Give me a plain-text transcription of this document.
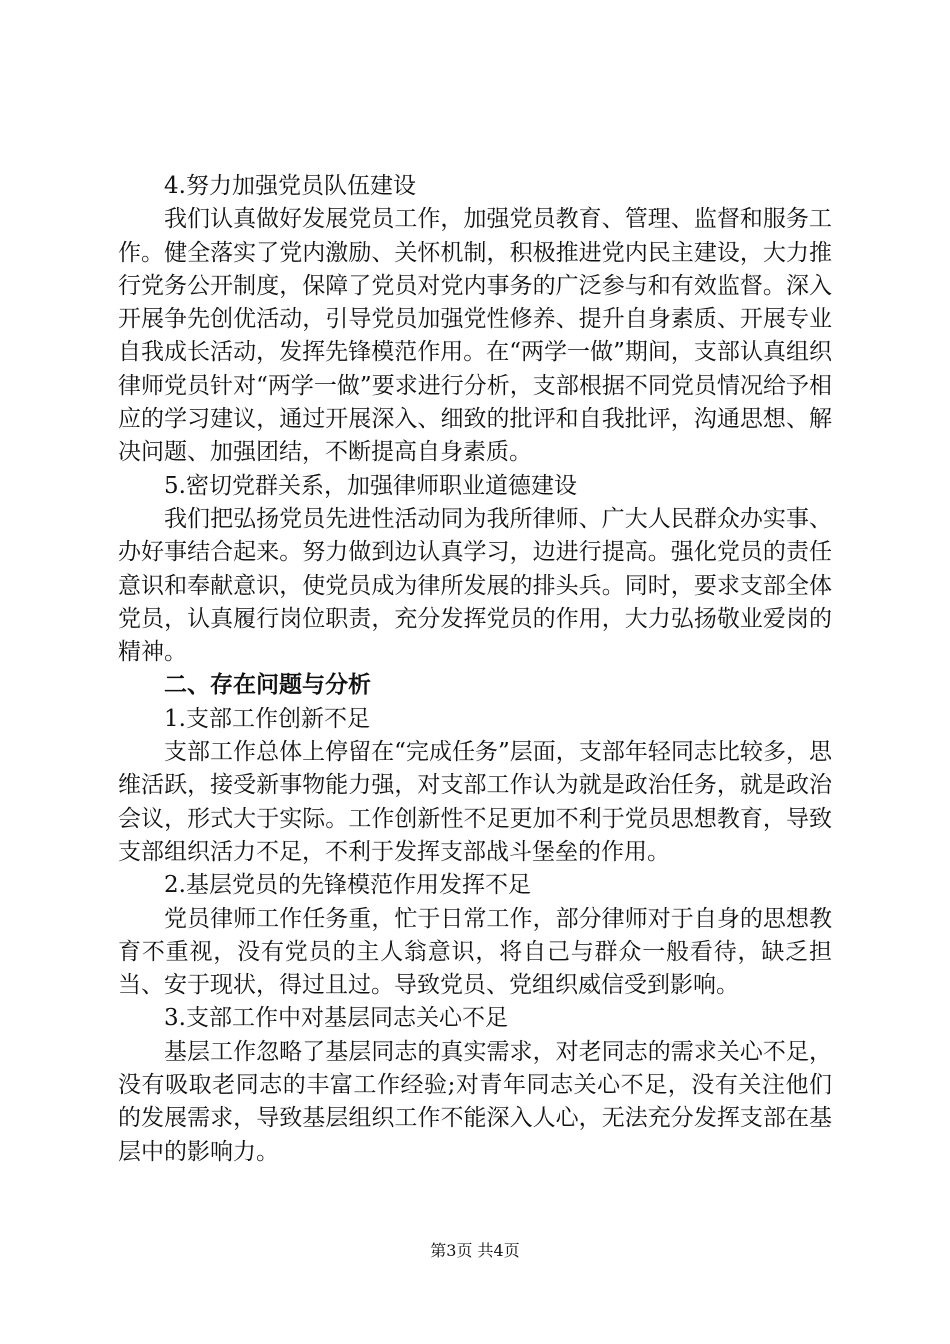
4.努力加强党员队伍建设

我们认真做好发展党员工作，加强党员教育、管理、监督和服务工作。健全落实了党内激励、关怀机制，积极推进党内民主建设，大力推行党务公开制度，保障了党员对党内事务的广泛参与和有效监督。深入开展争先创优活动，引导党员加强党性修养、提升自身素质、开展专业自我成长活动，发挥先锋模范作用。在“两学一做”期间，支部认真组织律师党员针对“两学一做”要求进行分析，支部根据不同党员情况给予相应的学习建议，通过开展深入、细致的批评和自我批评，沟通思想、解决问题、加强团结，不断提高自身素质。

5.密切党群关系，加强律师职业道德建设

我们把弘扬党员先进性活动同为我所律师、广大人民群众办实事、办好事结合起来。努力做到边认真学习，边进行提高。强化党员的责任意识和奉献意识，使党员成为律所发展的排头兵。同时，要求支部全体党员，认真履行岗位职责，充分发挥党员的作用，大力弘扬敬业爱岗的精神。

二、存在问题与分析

1.支部工作创新不足

支部工作总体上停留在“完成任务”层面，支部年轻同志比较多，思维活跃，接受新事物能力强，对支部工作认为就是政治任务，就是政治会议，形式大于实际。工作创新性不足更加不利于党员思想教育，导致支部组织活力不足，不利于发挥支部战斗堡垒的作用。

2.基层党员的先锋模范作用发挥不足

党员律师工作任务重，忙于日常工作，部分律师对于自身的思想教育不重视，没有党员的主人翁意识，将自己与群众一般看待，缺乏担当、安于现状，得过且过。导致党员、党组织威信受到影响。

3.支部工作中对基层同志关心不足

基层工作忽略了基层同志的真实需求，对老同志的需求关心不足，没有吸取老同志的丰富工作经验;对青年同志关心不足，没有关注他们的发展需求，导致基层组织工作不能深入人心，无法充分发挥支部在基层中的影响力。

第3页 共4页
